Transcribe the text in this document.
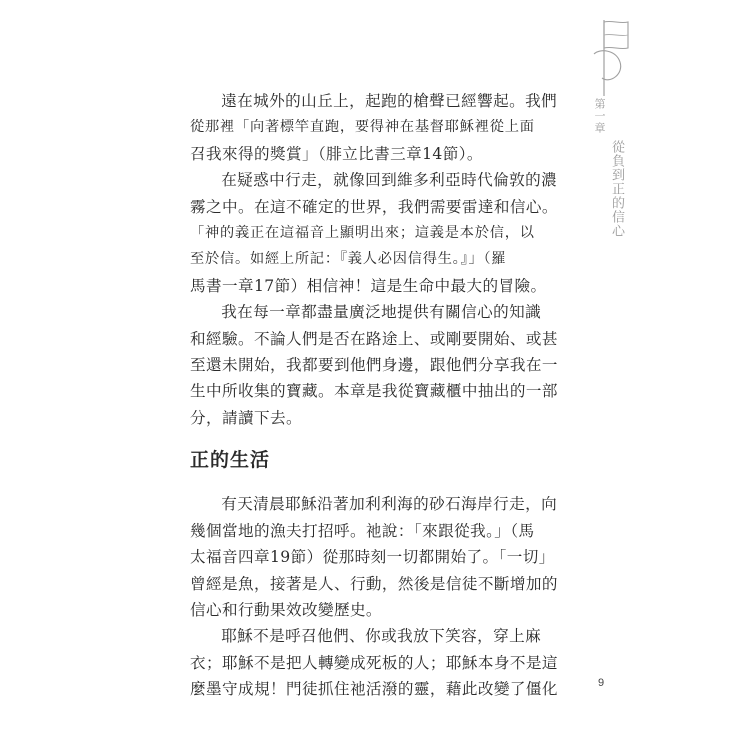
第一章
從負到正的信心

遠在城外的山丘上，起跑的槍聲已經響起。我們
從那裡「向著標竿直跑，要得神在基督耶穌裡從上面
召我來得的獎賞」（腓立比書三章14節）。

在疑惑中行走，就像回到維多利亞時代倫敦的濃
霧之中。在這不確定的世界，我們需要雷達和信心。
「神的義正在這福音上顯明出來；這義是本於信，以
至於信。如經上所記：『義人必因信得生。』」（羅
馬書一章17節）相信神！這是生命中最大的冒險。

我在每一章都盡量廣泛地提供有關信心的知識
和經驗。不論人們是否在路途上、或剛要開始、或甚
至還未開始，我都要到他們身邊，跟他們分享我在一
生中所收集的寶藏。本章是我從寶藏櫃中抽出的一部
分，請讀下去。

正的生活

有天清晨耶穌沿著加利利海的砂石海岸行走，向
幾個當地的漁夫打招呼。祂說：「來跟從我。」（馬
太福音四章19節）從那時刻一切都開始了。「一切」
曾經是魚，接著是人、行動，然後是信徒不斷增加的
信心和行動果效改變歷史。

耶穌不是呼召他們、你或我放下笑容，穿上麻
衣；耶穌不是把人轉變成死板的人；耶穌本身不是這
麼墨守成規！門徒抓住祂活潑的靈，藉此改變了僵化	9
